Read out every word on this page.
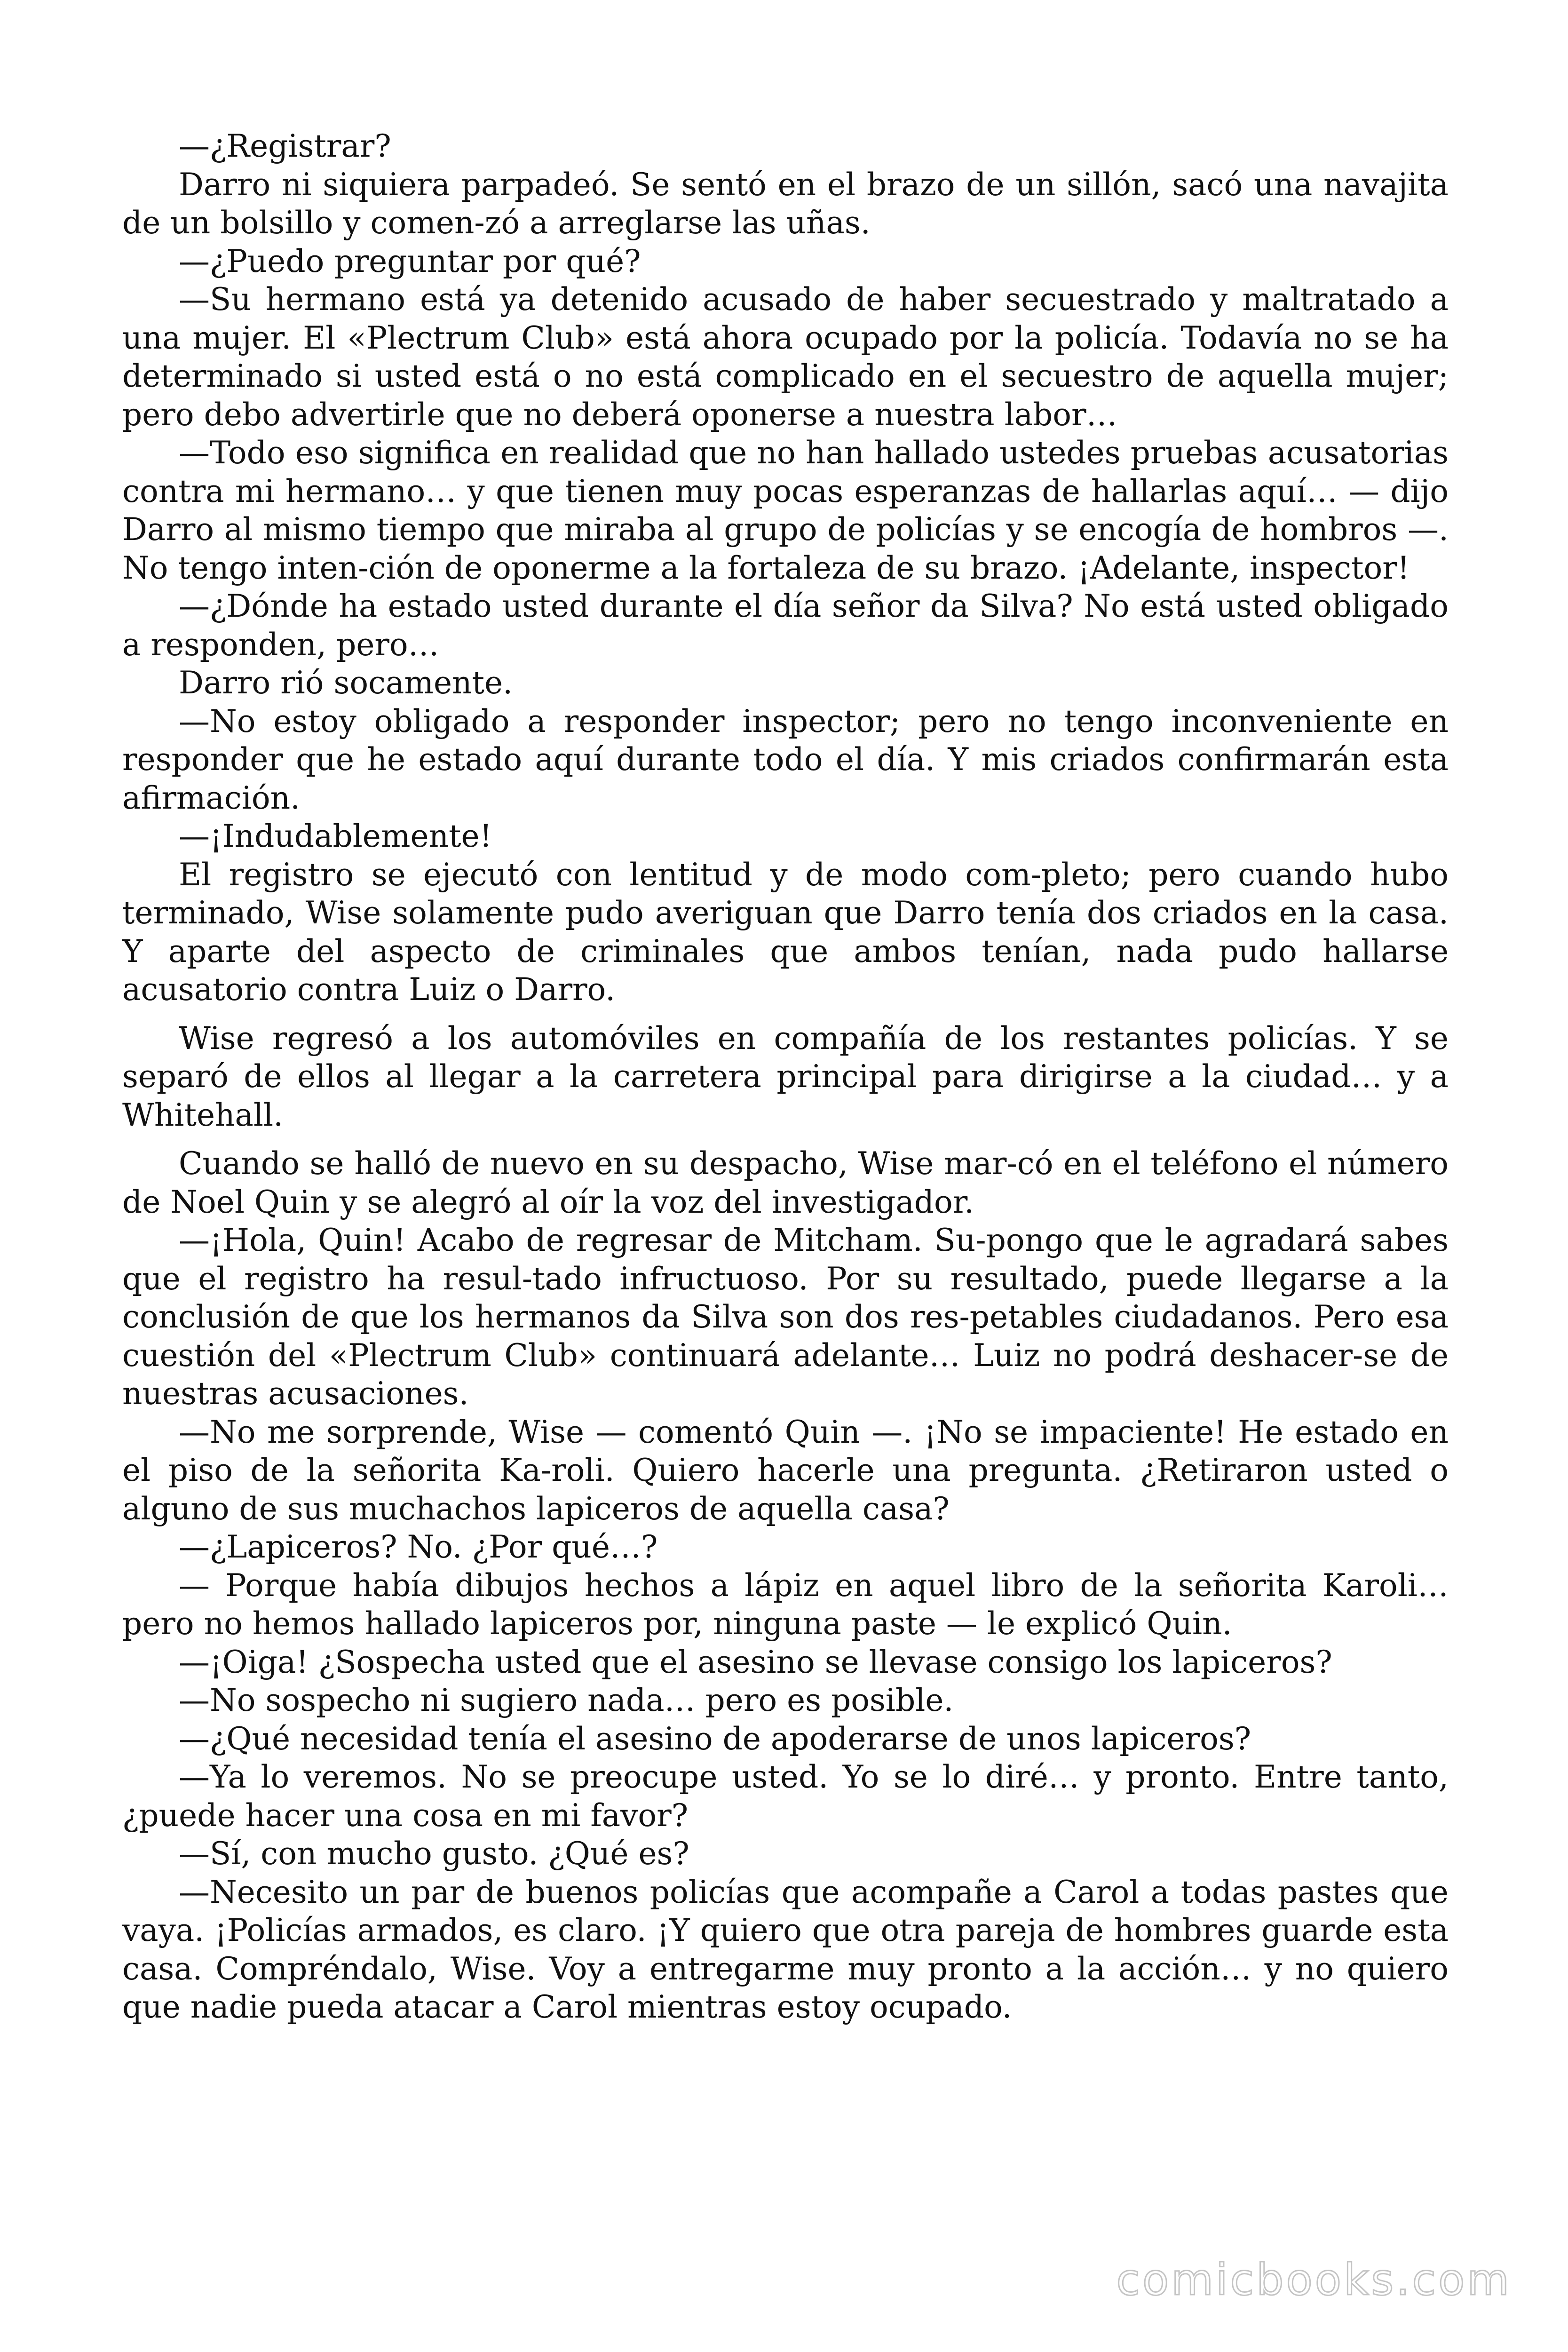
—¿Registrar?

Darro ni siquiera parpadeó. Se sentó en el brazo de un sillón, sacó una navajita de un bolsillo y comen-zó a arreglarse las uñas.

—¿Puedo preguntar por qué?

—Su hermano está ya detenido acusado de haber secuestrado y maltratado a una mujer. El «Plectrum Club» está ahora ocupado por la policía. Todavía no se ha determinado si usted está o no está complicado en el secuestro de aquella mujer; pero debo advertirle que no deberá oponerse a nuestra labor…

—Todo eso significa en realidad que no han hallado ustedes pruebas acusatorias contra mi hermano… y que tienen muy pocas esperanzas de hallarlas aquí… — dijo Darro al mismo tiempo que miraba al grupo de policías y se encogía de hombros —. No tengo inten-ción de oponerme a la fortaleza de su brazo. ¡Adelante, inspector!

—¿Dónde ha estado usted durante el día señor da Silva? No está usted obligado a responden, pero…

Darro rió socamente.

—No estoy obligado a responder inspector; pero no tengo inconveniente en responder que he estado aquí durante todo el día. Y mis criados confirmarán esta afirmación.

—¡Indudablemente!

El registro se ejecutó con lentitud y de modo com-pleto; pero cuando hubo terminado, Wise solamente pudo averiguan que Darro tenía dos criados en la casa. Y aparte del aspecto de criminales que ambos tenían, nada pudo hallarse acusatorio contra Luiz o Darro.

Wise regresó a los automóviles en compañía de los restantes policías. Y se separó de ellos al llegar a la carretera principal para dirigirse a la ciudad… y a Whitehall.

Cuando se halló de nuevo en su despacho, Wise mar-có en el teléfono el número de Noel Quin y se alegró al oír la voz del investigador.

—¡Hola, Quin! Acabo de regresar de Mitcham. Su-pongo que le agradará sabes que el registro ha resul-tado infructuoso. Por su resultado, puede llegarse a la conclusión de que los hermanos da Silva son dos res-petables ciudadanos. Pero esa cuestión del «Plectrum Club» continuará adelante… Luiz no podrá deshacer-se de nuestras acusaciones.

—No me sorprende, Wise — comentó Quin —. ¡No se impaciente! He estado en el piso de la señorita Ka-roli. Quiero hacerle una pregunta. ¿Retiraron usted o alguno de sus muchachos lapiceros de aquella casa?

—¿Lapiceros? No. ¿Por qué…?

— Porque había dibujos hechos a lápiz en aquel libro de la señorita Karoli… pero no hemos hallado lapiceros por, ninguna paste — le explicó Quin.

—¡Oiga! ¿Sospecha usted que el asesino se llevase consigo los lapiceros?

—No sospecho ni sugiero nada… pero es posible.

—¿Qué necesidad tenía el asesino de apoderarse de unos lapiceros?

—Ya lo veremos. No se preocupe usted. Yo se lo diré… y pronto. Entre tanto, ¿puede hacer una cosa en mi favor?

—Sí, con mucho gusto. ¿Qué es?

—Necesito un par de buenos policías que acompañe a Carol a todas pastes que vaya. ¡Policías armados, es claro. ¡Y quiero que otra pareja de hombres guarde esta casa. Compréndalo, Wise. Voy a entregarme muy pronto a la acción… y no quiero que nadie pueda atacar a Carol mientras estoy ocupado.

comicbooks.com
